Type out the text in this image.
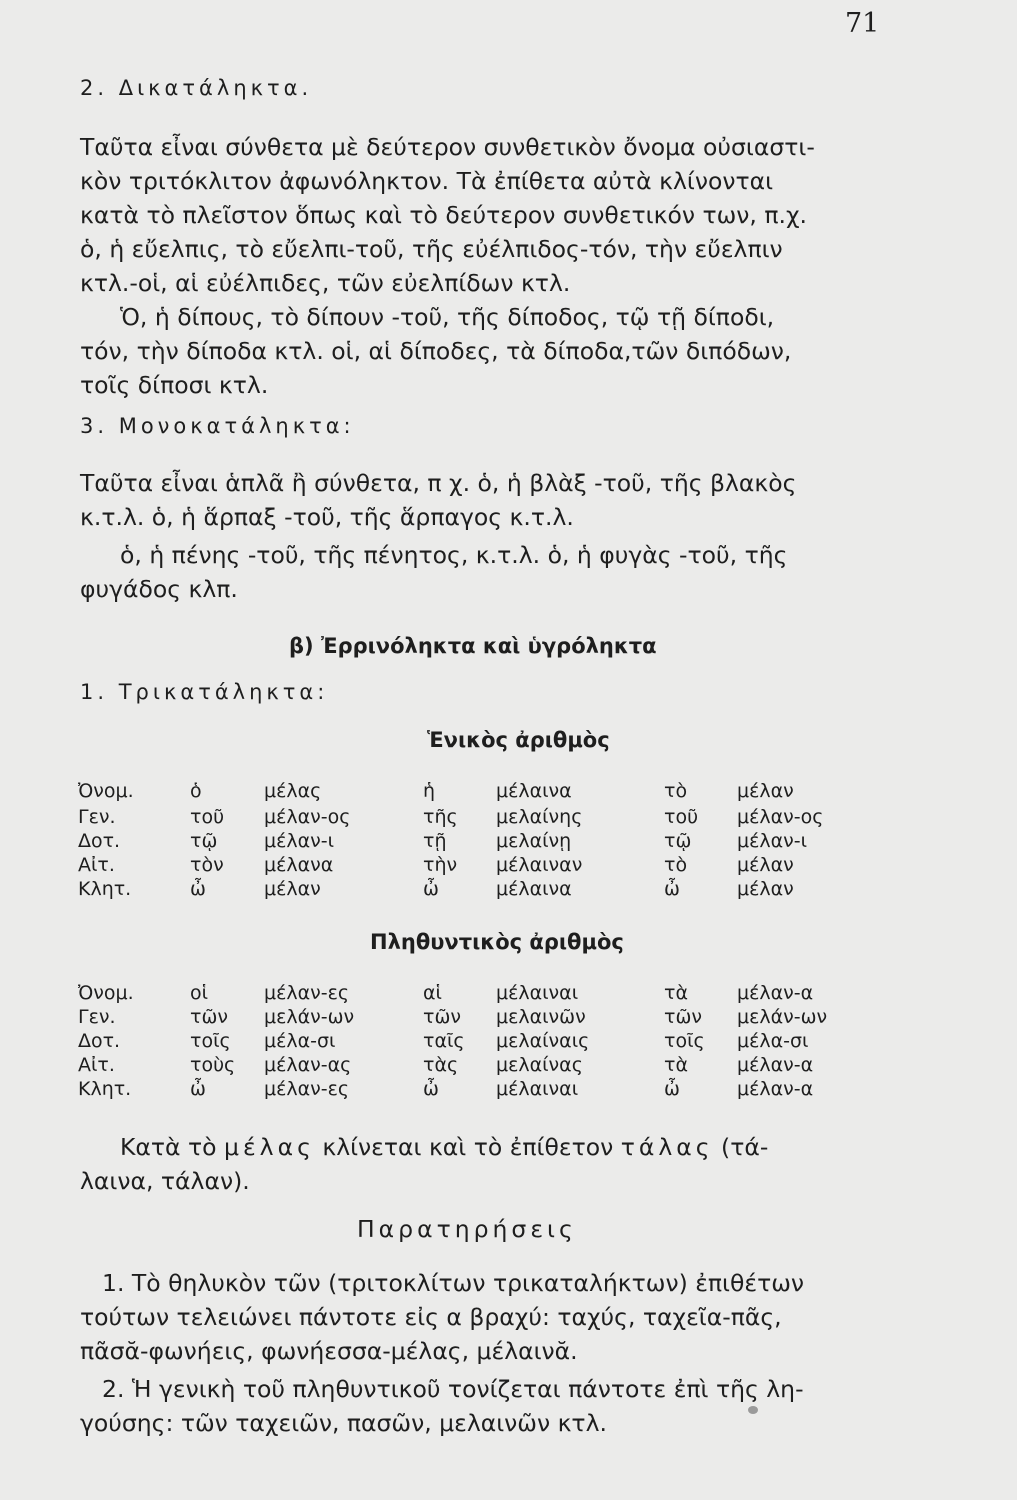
71
2. Δικατάληκτα.
Ταῦτα εἶναι σύνθετα μὲ δεύτερον συνθετικὸν ὄνομα οὐσιαστι-
κὸν τριτόκλιτον ἀφωνόληκτον. Τὰ ἐπίθετα αὐτὰ κλίνονται
κατὰ τὸ πλεῖστον ὅπως καὶ τὸ δεύτερον συνθετικόν των, π.χ.
ὁ, ἡ εὔελπις, τὸ εὔελπι-τοῦ, τῆς εὐέλπιδος-τόν, τὴν εὔελπιν
κτλ.-οἱ, αἱ εὐέλπιδες, τῶν εὐελπίδων κτλ.
Ὁ, ἡ δίπους, τὸ δίπουν -τοῦ, τῆς δίποδος, τῷ τῇ δίποδι,
τόν, τὴν δίποδα κτλ. οἱ, αἱ δίποδες, τὰ δίποδα,τῶν διπόδων,
τοῖς δίποσι κτλ.
3. Μονοκατάληκτα:
Ταῦτα εἶναι ἁπλᾶ ἢ σύνθετα, π χ. ὁ, ἡ βλὰξ -τοῦ, τῆς βλακὸς
κ.τ.λ. ὁ, ἡ ἅρπαξ -τοῦ, τῆς ἅρπαγος κ.τ.λ.
ὁ, ἡ πένης -τοῦ, τῆς πένητος, κ.τ.λ. ὁ, ἡ φυγὰς -τοῦ, τῆς
φυγάδος κλπ.
β) Ἐρρινόληκτα καὶ ὑγρόληκτα
1. Τρικατάληκτα:
Ἑνικὸς ἀριθμὸς
Ὀνομ.	ὁ	μέλας	ἡ	μέλαινα	τὸ	μέλαν
Γεν.	τοῦ μέλαν-ος	τῆς μελαίνης	τοῦ μέλαν-ος
Δοτ.	τῷ μέλαν-ι	τῇ	μελαίνῃ	τῷ μέλαν-ι
Αἰτ.	τὸν μέλανα	τὴν μέλαιναν	τὸ	μέλαν
Κλητ.	ὦ	μέλαν	ὦ	μέλαινα	ὦ	μέλαν
Πληθυντικὸς ἀριθμὸς
Ὀνομ.	οἱ	μέλαν-ες	αἱ	μέλαιναι	τὰ	μέλαν-α
Γεν.	τῶν μελάν-ων	τῶν μελαινῶν	τῶν μελάν-ων
Δοτ.	τοῖς μέλα-σι	ταῖς μελαίναις	τοῖς μέλα-σι
Αἰτ.	τοὺς μέλαν-ας	τὰς μελαίνας	τὰ	μέλαν-α
Κλητ.	ὦ	μέλαν-ες	ὦ	μέλαιναι	ὦ	μέλαν-α
Κατὰ τὸ μέλας κλίνεται καὶ τὸ ἐπίθετον τάλας (τά-
λαινα, τάλαν).
Παρατηρήσεις
1. Τὸ θηλυκὸν τῶν (τριτοκλίτων τρικαταλήκτων) ἐπιθέτων
τούτων τελειώνει πάντοτε εἰς α βραχύ: ταχύς, ταχεῖα-πᾶς,
πᾶσᾰ-φωνήεις, φωνήεσσα-μέλας, μέλαινᾰ.
2. Ἡ γενικὴ τοῦ πληθυντικοῦ τονίζεται πάντοτε ἐπὶ τῆς λη-
γούσης: τῶν ταχειῶν, πασῶν, μελαινῶν κτλ.
